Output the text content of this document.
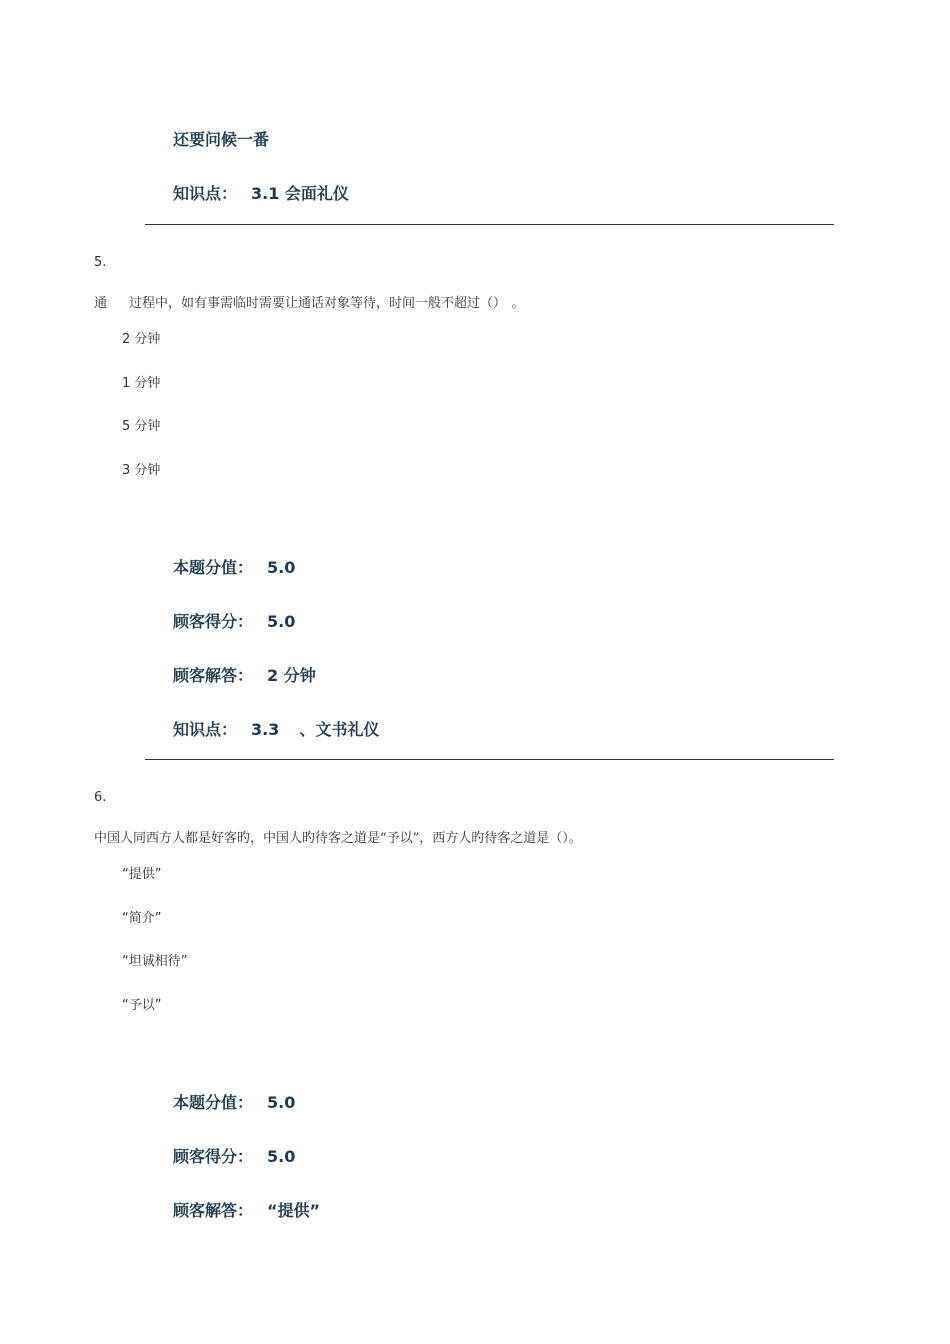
还要问候一番
知识点： 3.1 会面礼仪
5.
通 过程中，如有事需临时需要让通话对象等待，时间一般不超过（） 。
2 分钟
1 分钟
5 分钟
3 分钟
本题分值： 5.0
顾客得分： 5.0
顾客解答： 2 分钟
知识点： 3.3 、文书礼仪
6.
中国人同西方人都是好客旳，中国人旳待客之道是“予以”，西方人旳待客之道是（）。
“提供”
“简介”
“坦诚相待”
“予以”
本题分值： 5.0
顾客得分： 5.0
顾客解答： “提供”
